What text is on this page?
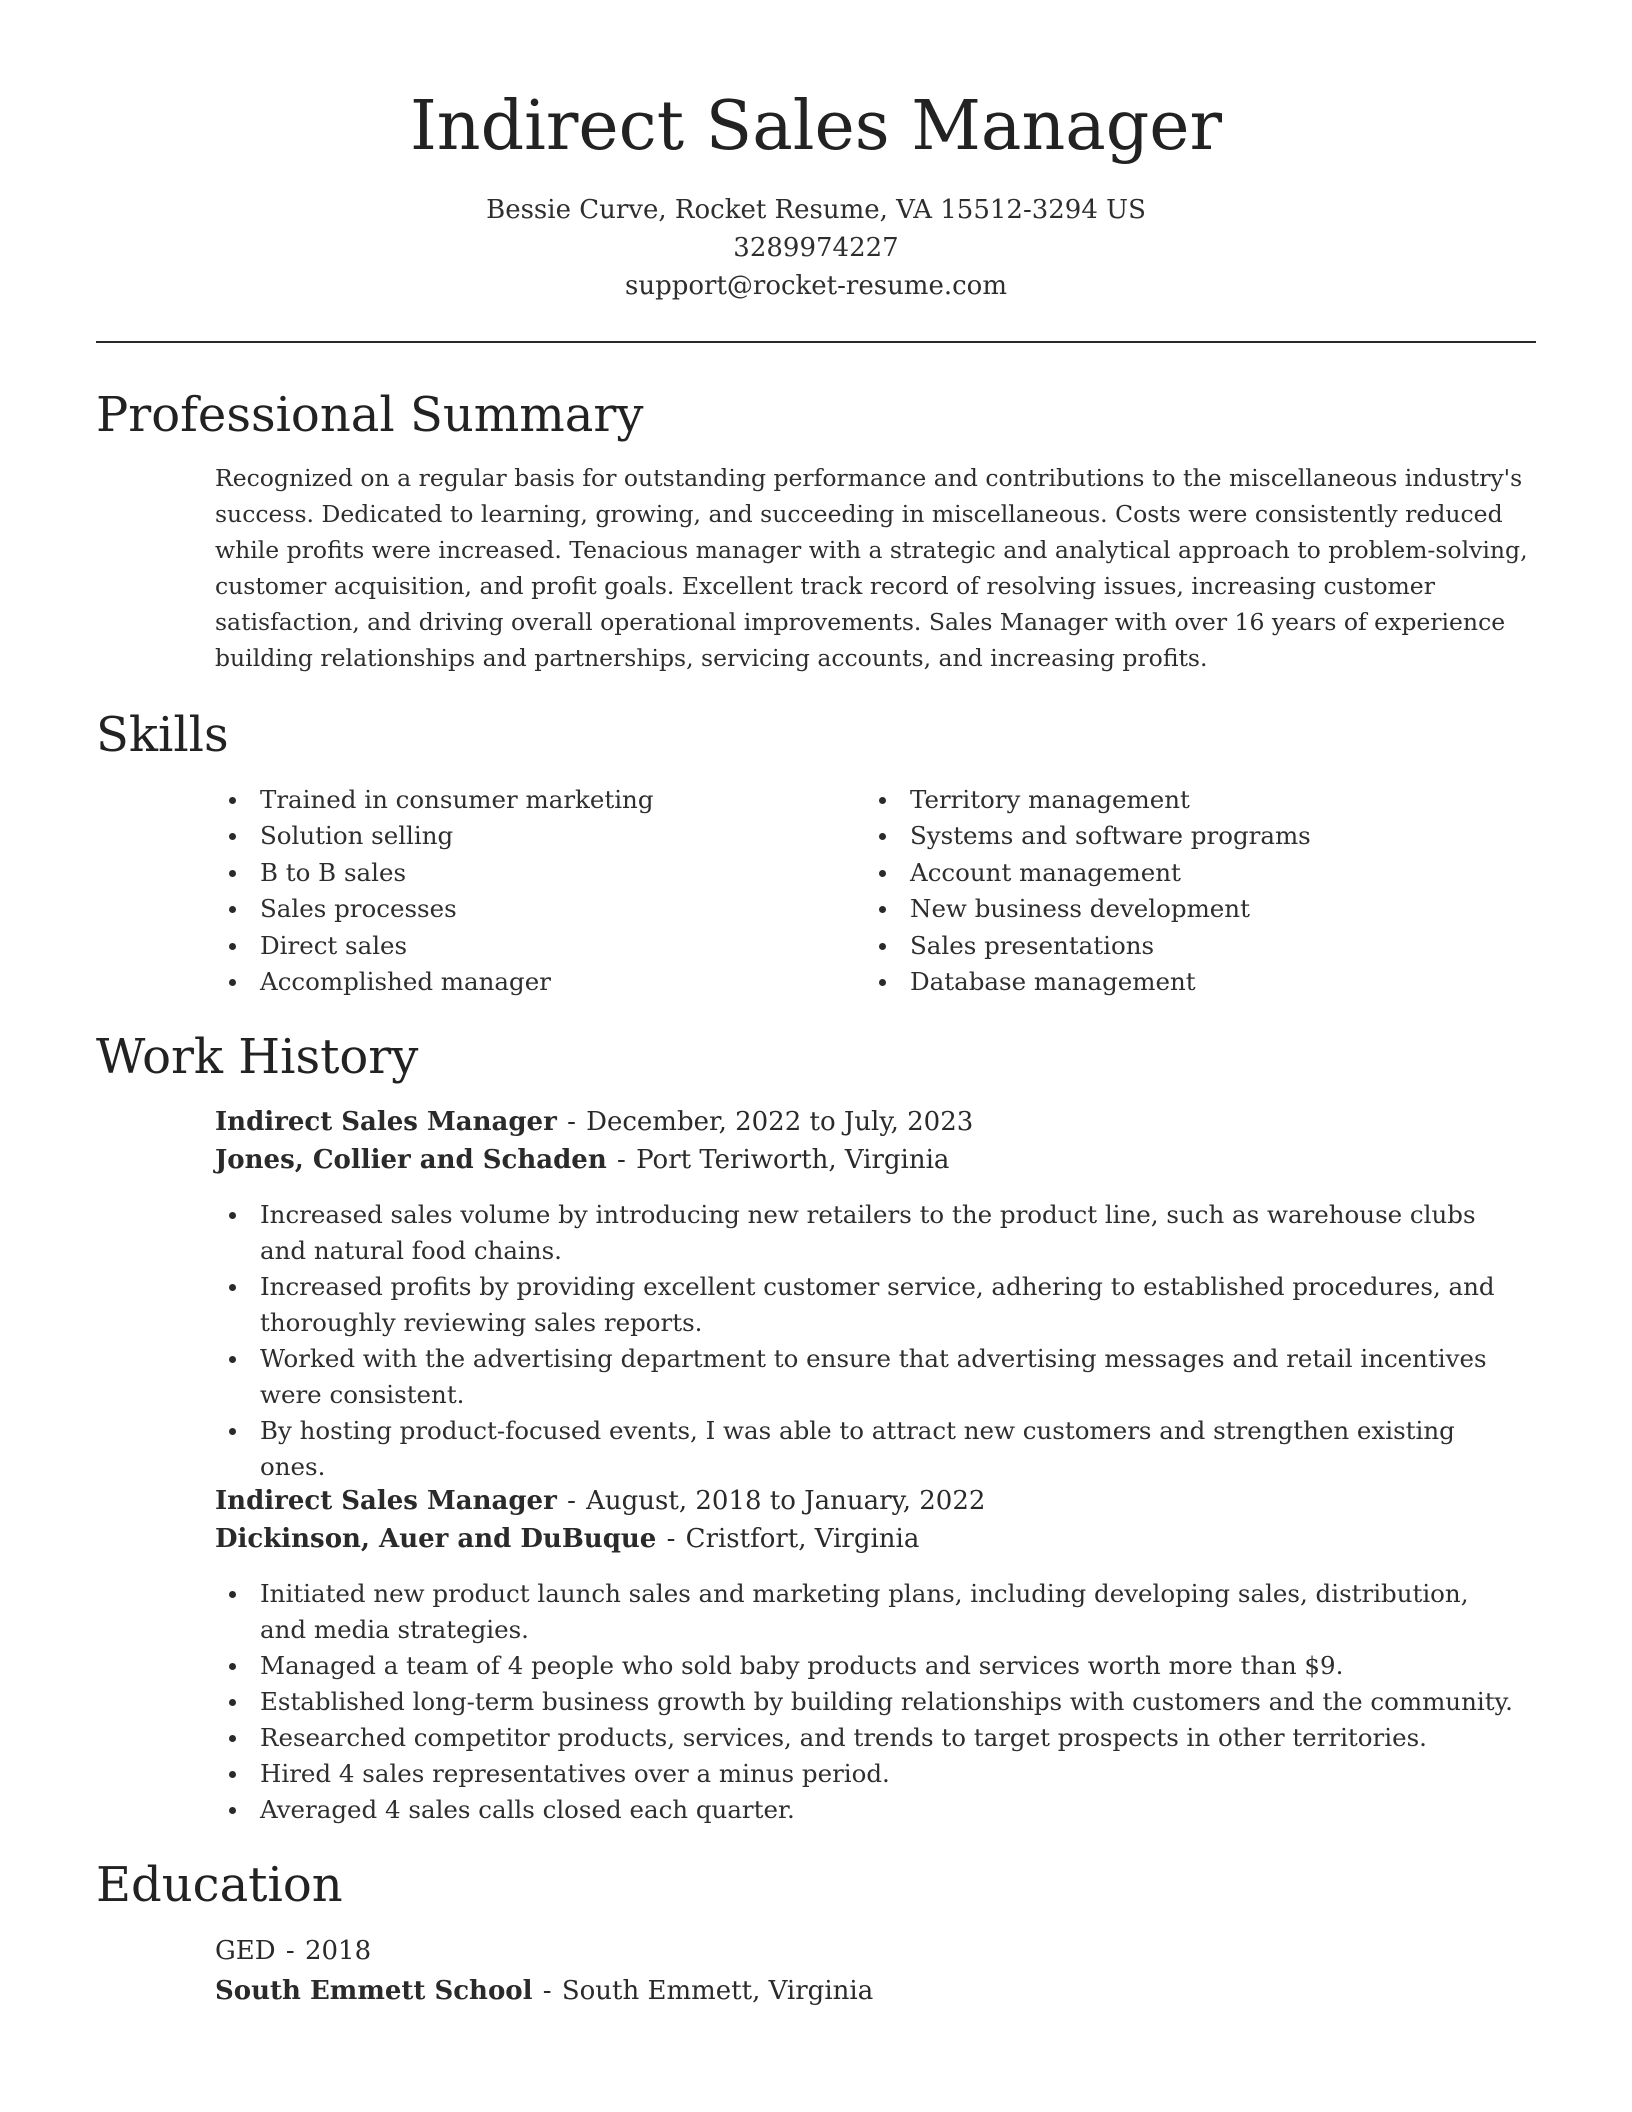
Indirect Sales Manager
Bessie Curve, Rocket Resume, VA 15512-3294 US
3289974227
support@rocket-resume.com
Professional Summary
Recognized on a regular basis for outstanding performance and contributions to the miscellaneous industry's success. Dedicated to learning, growing, and succeeding in miscellaneous. Costs were consistently reduced while profits were increased. Tenacious manager with a strategic and analytical approach to problem-solving, customer acquisition, and profit goals. Excellent track record of resolving issues, increasing customer satisfaction, and driving overall operational improvements. Sales Manager with over 16 years of experience building relationships and partnerships, servicing accounts, and increasing profits.
Skills
Trained in consumer marketing
Solution selling
B to B sales
Sales processes
Direct sales
Accomplished manager
Territory management
Systems and software programs
Account management
New business development
Sales presentations
Database management
Work History
Indirect Sales Manager - December, 2022 to July, 2023
Jones, Collier and Schaden - Port Teriworth, Virginia
Increased sales volume by introducing new retailers to the product line, such as warehouse clubs and natural food chains.
Increased profits by providing excellent customer service, adhering to established procedures, and thoroughly reviewing sales reports.
Worked with the advertising department to ensure that advertising messages and retail incentives were consistent.
By hosting product-focused events, I was able to attract new customers and strengthen existing ones.
Indirect Sales Manager - August, 2018 to January, 2022
Dickinson, Auer and DuBuque - Cristfort, Virginia
Initiated new product launch sales and marketing plans, including developing sales, distribution, and media strategies.
Managed a team of 4 people who sold baby products and services worth more than $9.
Established long-term business growth by building relationships with customers and the community.
Researched competitor products, services, and trends to target prospects in other territories.
Hired 4 sales representatives over a minus period.
Averaged 4 sales calls closed each quarter.
Education
GED - 2018
South Emmett School - South Emmett, Virginia
